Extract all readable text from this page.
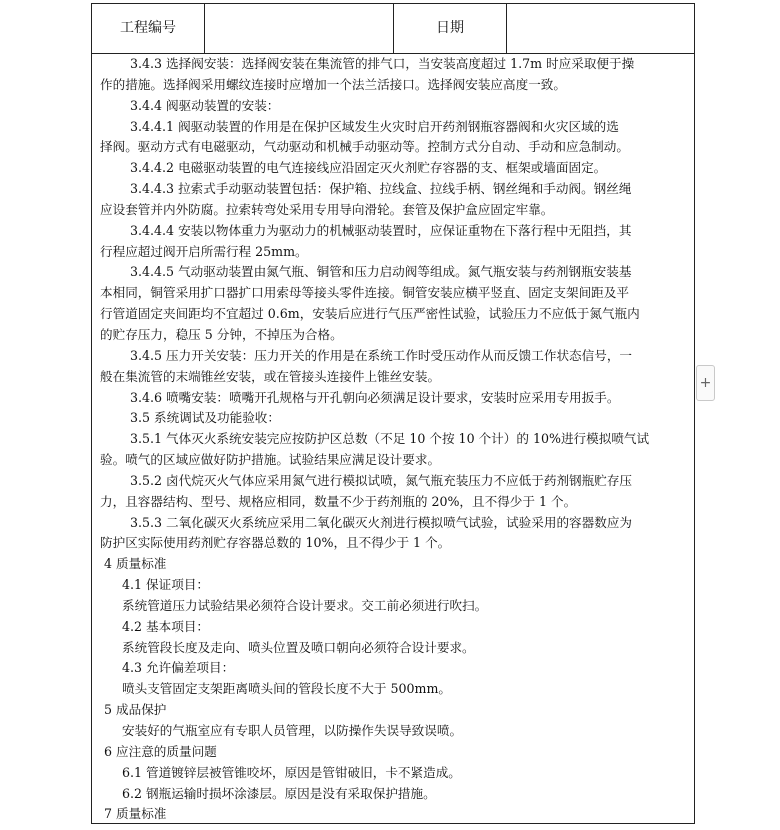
工程编号	日期
3.4.3 选择阀安装：选择阀安装在集流管的排气口，当安装高度超过 1.7m 时应采取便于操
作的措施。选择阀采用螺纹连接时应增加一个法兰活接口。选择阀安装应高度一致。
3.4.4 阀驱动装置的安装：
3.4.4.1 阀驱动装置的作用是在保护区域发生火灾时启开药剂钢瓶容器阀和火灾区域的选
择阀。驱动方式有电磁驱动，气动驱动和机械手动驱动等。控制方式分自动、手动和应急制动。
3.4.4.2 电磁驱动装置的电气连接线应沿固定灭火剂贮存容器的支、框架或墙面固定。
3.4.4.3 拉索式手动驱动装置包括：保护箱、拉线盒、拉线手柄、钢丝绳和手动阀。钢丝绳
应设套管并内外防腐。拉索转弯处采用专用导向滑轮。套管及保护盒应固定牢靠。
3.4.4.4 安装以物体重力为驱动力的机械驱动装置时，应保证重物在下落行程中无阻挡，其
行程应超过阀开启所需行程 25mm。
3.4.4.5 气动驱动装置由氮气瓶、铜管和压力启动阀等组成。氮气瓶安装与药剂钢瓶安装基
本相同，铜管采用扩口器扩口用索母等接头零件连接。铜管安装应横平竖直、固定支架间距及平
行管道固定夹间距均不宜超过 0.6m，安装后应进行气压严密性试验，试验压力不应低于氮气瓶内
的贮存压力，稳压 5 分钟，不掉压为合格。
3.4.5 压力开关安装：压力开关的作用是在系统工作时受压动作从而反馈工作状态信号，一
般在集流管的末端锥丝安装，或在管接头连接件上锥丝安装。
3.4.6 喷嘴安装：喷嘴开孔规格与开孔朝向必须满足设计要求，安装时应采用专用扳手。
3.5 系统调试及功能验收：
3.5.1 气体灭火系统安装完应按防护区总数（不足 10 个按 10 个计）的 10%进行模拟喷气试
验。喷气的区域应做好防护措施。试验结果应满足设计要求。
3.5.2 卤代烷灭火气体应采用氮气进行模拟试喷，氮气瓶充装压力不应低于药剂钢瓶贮存压
力，且容器结构、型号、规格应相同，数量不少于药剂瓶的 20%，且不得少于 1 个。
3.5.3 二氧化碳灭火系统应采用二氧化碳灭火剂进行模拟喷气试验，试验采用的容器数应为
防护区实际使用药剂贮存容器总数的 10%，且不得少于 1 个。
4 质量标准
4.1 保证项目：
系统管道压力试验结果必须符合设计要求。交工前必须进行吹扫。
4.2 基本项目：
系统管段长度及走向、喷头位置及喷口朝向必须符合设计要求。
4.3 允许偏差项目：
喷头支管固定支架距离喷头间的管段长度不大于 500mm。
5 成品保护
安装好的气瓶室应有专职人员管理，以防操作失误导致误喷。
6 应注意的质量问题
6.1 管道镀锌层被管锥咬坏，原因是管钳破旧，卡不紧造成。
6.2 钢瓶运输时损坏涂漆层。原因是没有采取保护措施。
7 质量标准
+
